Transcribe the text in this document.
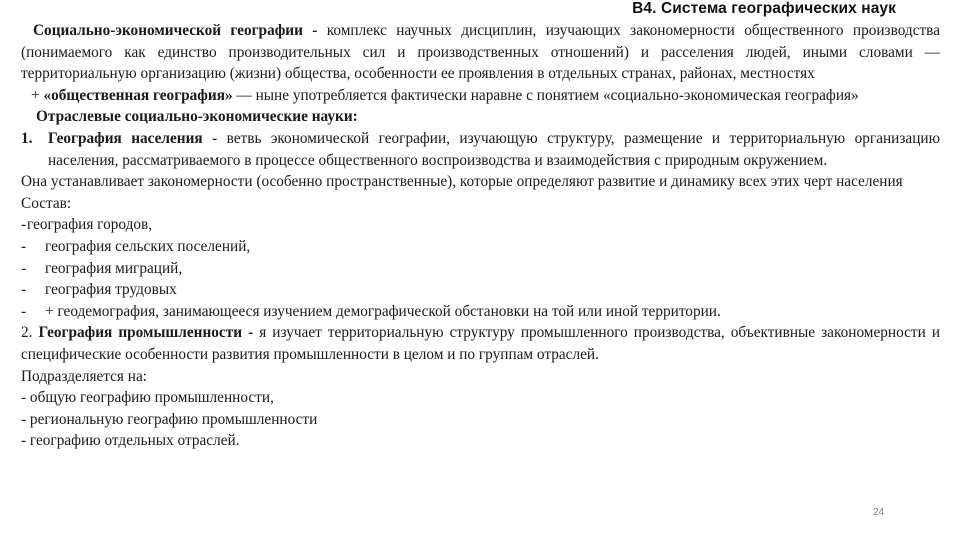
В4. Система географических наук

Социально-экономической географии - комплекс научных дисциплин, изучающих закономерности общественного производства (понимаемого как единство производительных сил и производственных отношений) и расселения людей, иными словами — территориальную организацию (жизни) общества, особенности ее проявления в отдельных странах, районах, местностях

+ «общественная география» — ныне употребляется фактически наравне с понятием «социально-экономическая география»

Отраслевые социально-экономические науки:

1.	География населения - ветвь экономической географии, изучающую структуру, размещение и территориальную организацию населения, рассматриваемого в процессе общественного воспроизводства и взаимодействия с природным окружением.

Она устанавливает закономерности (особенно пространственные), которые определяют развитие и динамику всех этих черт населения

Состав:

- география городов,
-	география сельских поселений,
-	география миграций,
-	география трудовых
-	+ геодемография, занимающееся изучением демографической обстановки на той или иной территории.

2. География промышленности - я изучает территориальную структуру промышленного производства, объективные закономерности и специфические особенности развития промышленности в целом и по группам отраслей.

Подразделяется на:

- общую географию промышленности,

- региональную географию промышленности

- географию отдельных отраслей.

24
